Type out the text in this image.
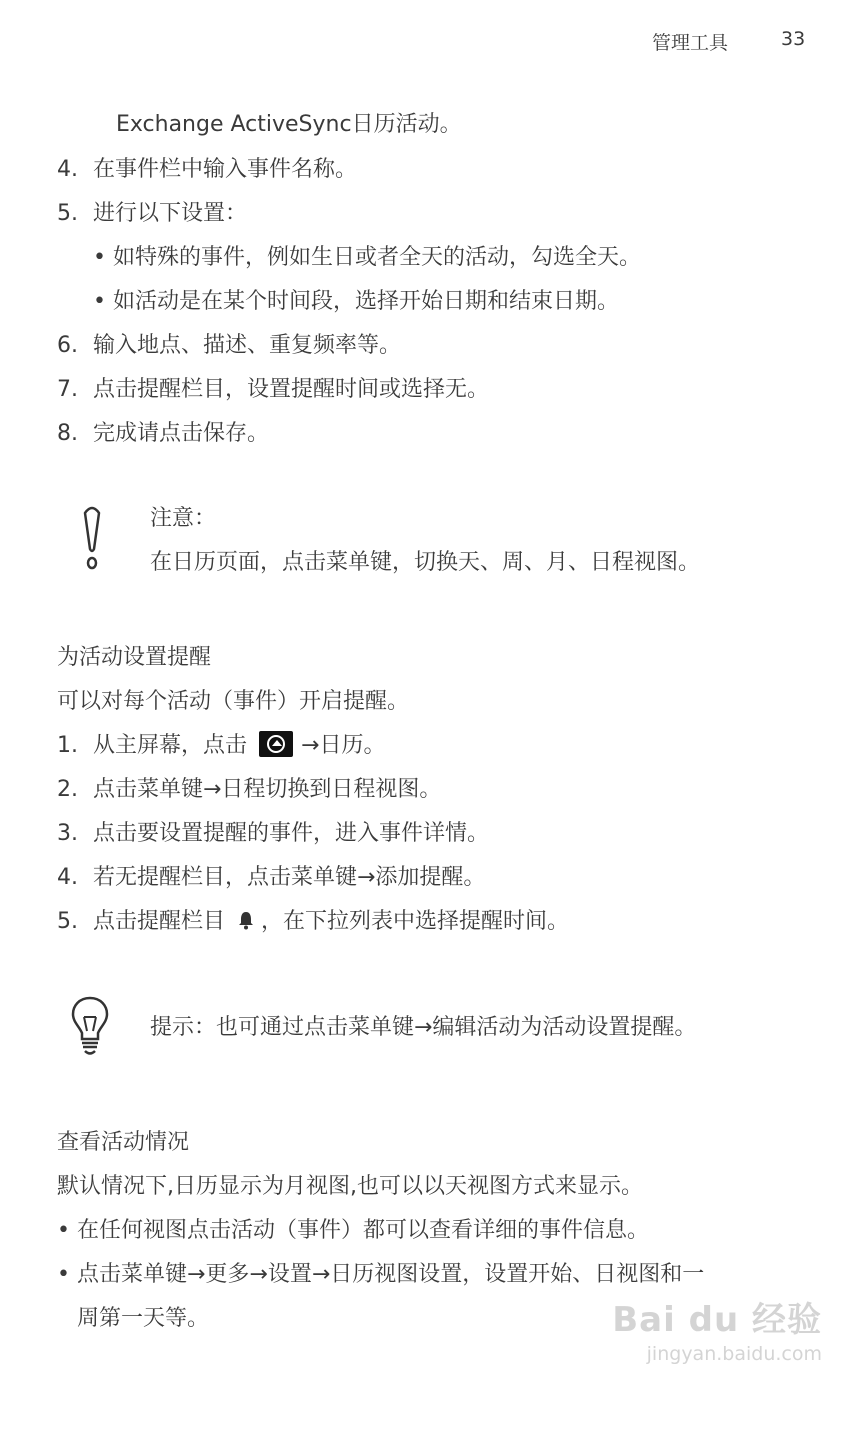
管理工具	33
Exchange ActiveSync日历活动。
4. 在事件栏中输入事件名称。
5. 进行以下设置：
• 如特殊的事件，例如生日或者全天的活动，勾选全天。
• 如活动是在某个时间段，选择开始日期和结束日期。
6. 输入地点、描述、重复频率等。
7. 点击提醒栏目，设置提醒时间或选择无。
8. 完成请点击保存。
注意：
在日历页面，点击菜单键，切换天、周、月、日程视图。
为活动设置提醒
可以对每个活动（事件）开启提醒。
1. 从主屏幕，点击 →日历。
2. 点击菜单键→日程切换到日程视图。
3. 点击要设置提醒的事件，进入事件详情。
4. 若无提醒栏目，点击菜单键→添加提醒。
5. 点击提醒栏目 ，在下拉列表中选择提醒时间。
提示：也可通过点击菜单键→编辑活动为活动设置提醒。
查看活动情况
默认情况下,日历显示为月视图,也可以以天视图方式来显示。
• 在任何视图点击活动（事件）都可以查看详细的事件信息。
• 点击菜单键→更多→设置→日历视图设置，设置开始、日视图和一
周第一天等。	Bai du 经验
jingyan.baidu.com
